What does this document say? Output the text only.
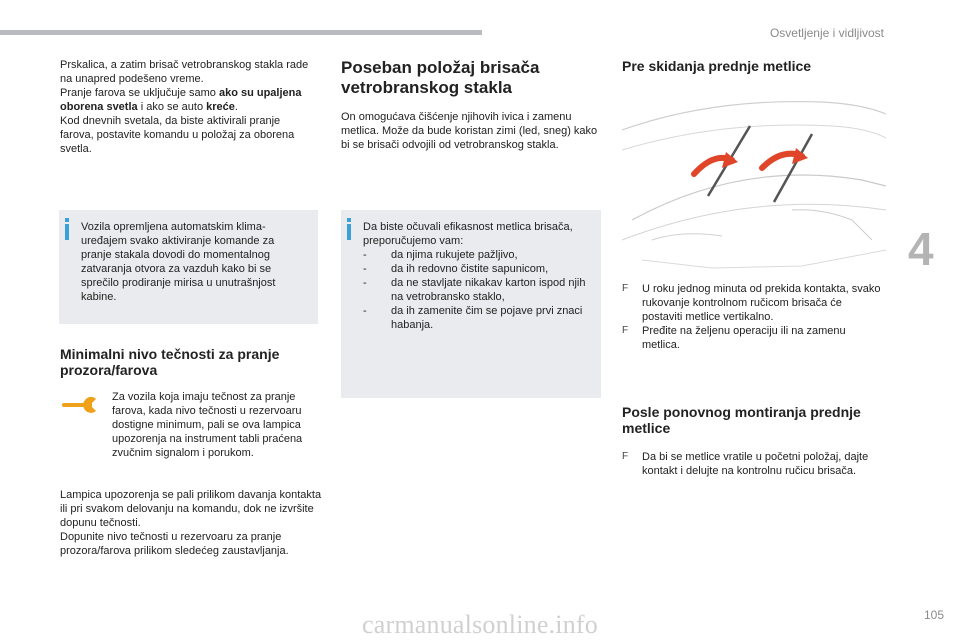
Osvetljenje i vidljivost
4
105
carmanualsonline.info
Prskalica, a zatim brisač vetrobranskog stakla rade na unapred podešeno vreme.
Pranje farova se uključuje samo ako su upaljena oborena svetla i ako se auto kreće.
Kod dnevnih svetala, da biste aktivirali pranje farova, postavite komandu u položaj za oborena svetla.
Vozila opremljena automatskim klima-uređajem svako aktiviranje komande za pranje stakala dovodi do momentalnog zatvaranja otvora za vazduh kako bi se sprečilo prodiranje mirisa u unutrašnjost kabine.
Minimalni nivo tečnosti za pranje prozora/farova
Za vozila koja imaju tečnost za pranje farova, kada nivo tečnosti u rezervoaru dostigne minimum, pali se ova lampica upozorenja na instrument tabli praćena zvučnim signalom i porukom.
Lampica upozorenja se pali prilikom davanja kontakta ili pri svakom delovanju na komandu, dok ne izvršite dopunu tečnosti.
Dopunite nivo tečnosti u rezervoaru za pranje prozora/farova prilikom sledećeg zaustavljanja.
Poseban položaj brisača vetrobranskog stakla
On omogućava čišćenje njihovih ivica i zamenu metlica. Može da bude koristan zimi (led, sneg) kako bi se brisači odvojili od vetrobranskog stakla.
Da biste očuvali efikasnost metlica brisača, preporučujemo vam:
- da njima rukujete pažljivo,
- da ih redovno čistite sapunicom,
- da ne stavljate nikakav karton ispod njih na vetrobransko staklo,
- da ih zamenite čim se pojave prvi znaci habanja.
Pre skidanja prednje metlice
F U roku jednog minuta od prekida kontakta, svako rukovanje kontrolnom ručicom brisača će postaviti metlice vertikalno.
F Pređite na željenu operaciju ili na zamenu metlica.
Posle ponovnog montiranja prednje metlice
F Da bi se metlice vratile u početni položaj, dajte kontakt i delujte na kontrolnu ručicu brisača.
